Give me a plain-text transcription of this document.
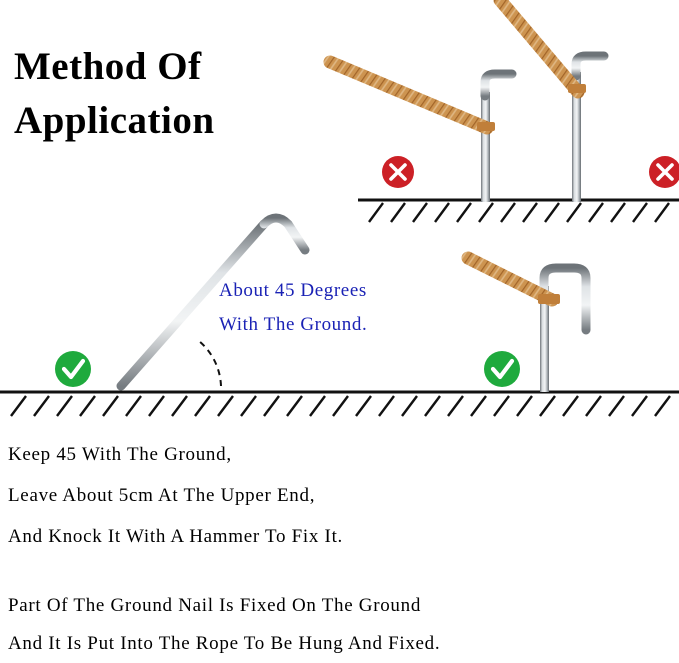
Method Of
Application
About 45 Degrees
With The Ground.
Keep 45 With The Ground,
Leave About 5cm At The Upper End,
And Knock It With A Hammer To Fix It.
Part Of The Ground Nail Is Fixed On The Ground
And It Is Put Into The Rope To Be Hung And Fixed.
